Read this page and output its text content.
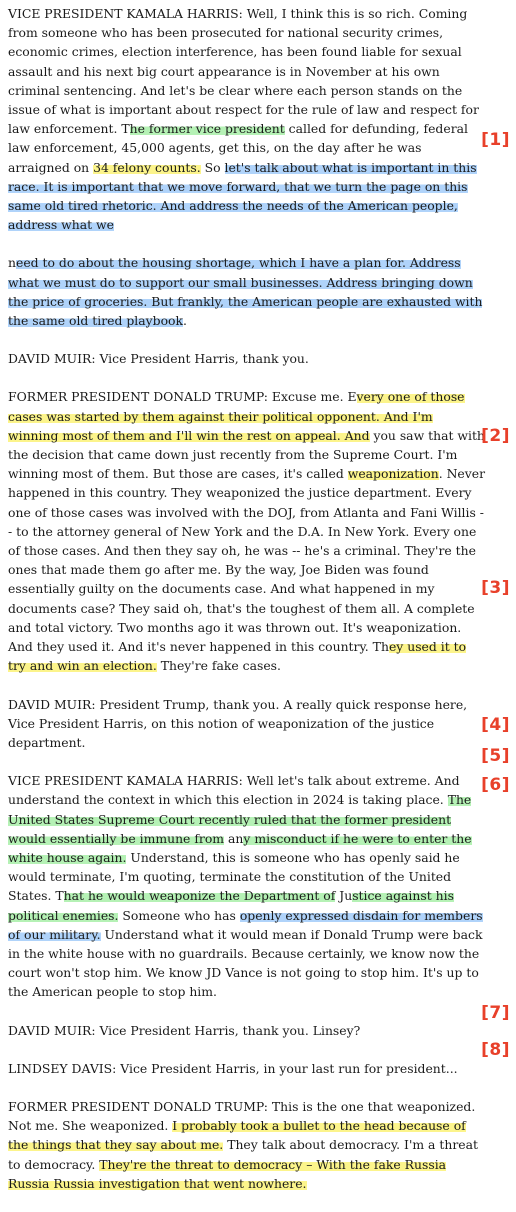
VICE PRESIDENT KAMALA HARRIS: Well, I think this is so rich. Coming from someone who has been prosecuted for national security crimes, economic crimes, election interference, has been found liable for sexual assault and his next big court appearance is in November at his own criminal sentencing. And let's be clear where each person stands on the issue of what is important about respect for the rule of law and respect for law enforcement. The former vice president called for defunding, federal law enforcement, 45,000 agents, get this, on the day after he was arraigned on 34 felony counts. So let's talk about what is important in this race. It is important that we move forward, that we turn the page on this same old tired rhetoric. And address the needs of the American people, address what we

need to do about the housing shortage, which I have a plan for. Address what we must do to support our small businesses. Address bringing down the price of groceries. But frankly, the American people are exhausted with the same old tired playbook.

DAVID MUIR: Vice President Harris, thank you.

FORMER PRESIDENT DONALD TRUMP: Excuse me. Every one of those cases was started by them against their political opponent. And I'm winning most of them and I'll win the rest on appeal. And you saw that with the decision that came down just recently from the Supreme Court. I'm winning most of them. But those are cases, it's called weaponization. Never happened in this country. They weaponized the justice department. Every one of those cases was involved with the DOJ, from Atlanta and Fani Willis -- to the attorney general of New York and the D.A. In New York. Every one of those cases. And then they say oh, he was -- he's a criminal. They're the ones that made them go after me. By the way, Joe Biden was found essentially guilty on the documents case. And what happened in my documents case? They said oh, that's the toughest of them all. A complete and total victory. Two months ago it was thrown out. It's weaponization. And they used it. And it's never happened in this country. They used it to try and win an election. They're fake cases.

DAVID MUIR: President Trump, thank you. A really quick response here, Vice President Harris, on this notion of weaponization of the justice department.

VICE PRESIDENT KAMALA HARRIS: Well let's talk about extreme. And understand the context in which this election in 2024 is taking place. The United States Supreme Court recently ruled that the former president would essentially be immune from any misconduct if he were to enter the white house again. Understand, this is someone who has openly said he would terminate, I'm quoting, terminate the constitution of the United States. That he would weaponize the Department of Justice against his political enemies. Someone who has openly expressed disdain for members of our military. Understand what it would mean if Donald Trump were back in the white house with no guardrails. Because certainly, we know now the court won't stop him. We know JD Vance is not going to stop him. It's up to the American people to stop him.

DAVID MUIR: Vice President Harris, thank you. Linsey?

LINDSEY DAVIS: Vice President Harris, in your last run for president...

FORMER PRESIDENT DONALD TRUMP: This is the one that weaponized. Not me. She weaponized. I probably took a bullet to the head because of the things that they say about me. They talk about democracy. I'm a threat to democracy. They're the threat to democracy – With the fake Russia Russia Russia investigation that went nowhere.

[1]
[2]
[3]
[4]
[5]
[6]
[7]
[8]
